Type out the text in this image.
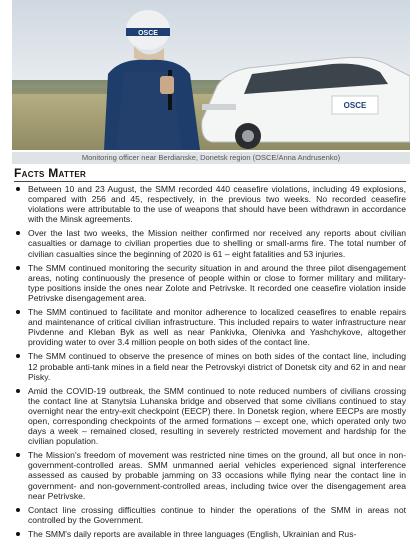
OSCE
OSCE
Monitoring officer near Berdianske, Donetsk region (OSCE/Anna Andrusenko)
Facts Matter
Between 10 and 23 August, the SMM recorded 440 ceasefire violations, including 49 explosions, compared with 256 and 45, respectively, in the previous two weeks. No recorded ceasefire violations were attributable to the use of weapons that should have been withdrawn in accordance with the Minsk agreements.
Over the last two weeks, the Mission neither confirmed nor received any reports about civilian casualties or damage to civilian properties due to shelling or small-arms fire. The total number of civilian casualties since the beginning of 2020 is 61 – eight fatalities and 53 injuries.
The SMM continued monitoring the security situation in and around the three pilot disengagement areas, noting continuously the presence of people within or close to former military and military-type positions inside the ones near Zolote and Petrivske. It recorded one ceasefire violation inside Petrivske disengagement area.
The SMM continued to facilitate and monitor adherence to localized ceasefires to enable repairs and maintenance of critical civilian infrastructure. This included repairs to water infrastructure near Pivdenne and Kleban Byk as well as near Pankivka, Olenivka and Yashchykove, altogether providing water to over 3.4 million people on both sides of the contact line.
The SMM continued to observe the presence of mines on both sides of the contact line, including 12 probable anti-tank mines in a field near the Petrovskyi district of Donetsk city and 62 in and near Pisky.
Amid the COVID-19 outbreak, the SMM continued to note reduced numbers of civilians crossing the contact line at Stanytsia Luhanska bridge and observed that some civilians continued to stay overnight near the entry-exit checkpoint (EECP) there. In Donetsk region, where EECPs are mostly open, corresponding checkpoints of the armed formations – except one, which operated only two days a week – remained closed, resulting in severely restricted movement and hardship for the civilian population.
The Mission's freedom of movement was restricted nine times on the ground, all but once in non-government-controlled areas. SMM unmanned aerial vehicles experienced signal interference assessed as caused by probable jamming on 33 occasions while flying near the contact line in government- and non-government-controlled areas, including twice over the disengagement area near Petrivske.
Contact line crossing difficulties continue to hinder the operations of the SMM in areas not controlled by the Government.
The SMM's daily reports are available in three languages (English, Ukrainian and Rus-
